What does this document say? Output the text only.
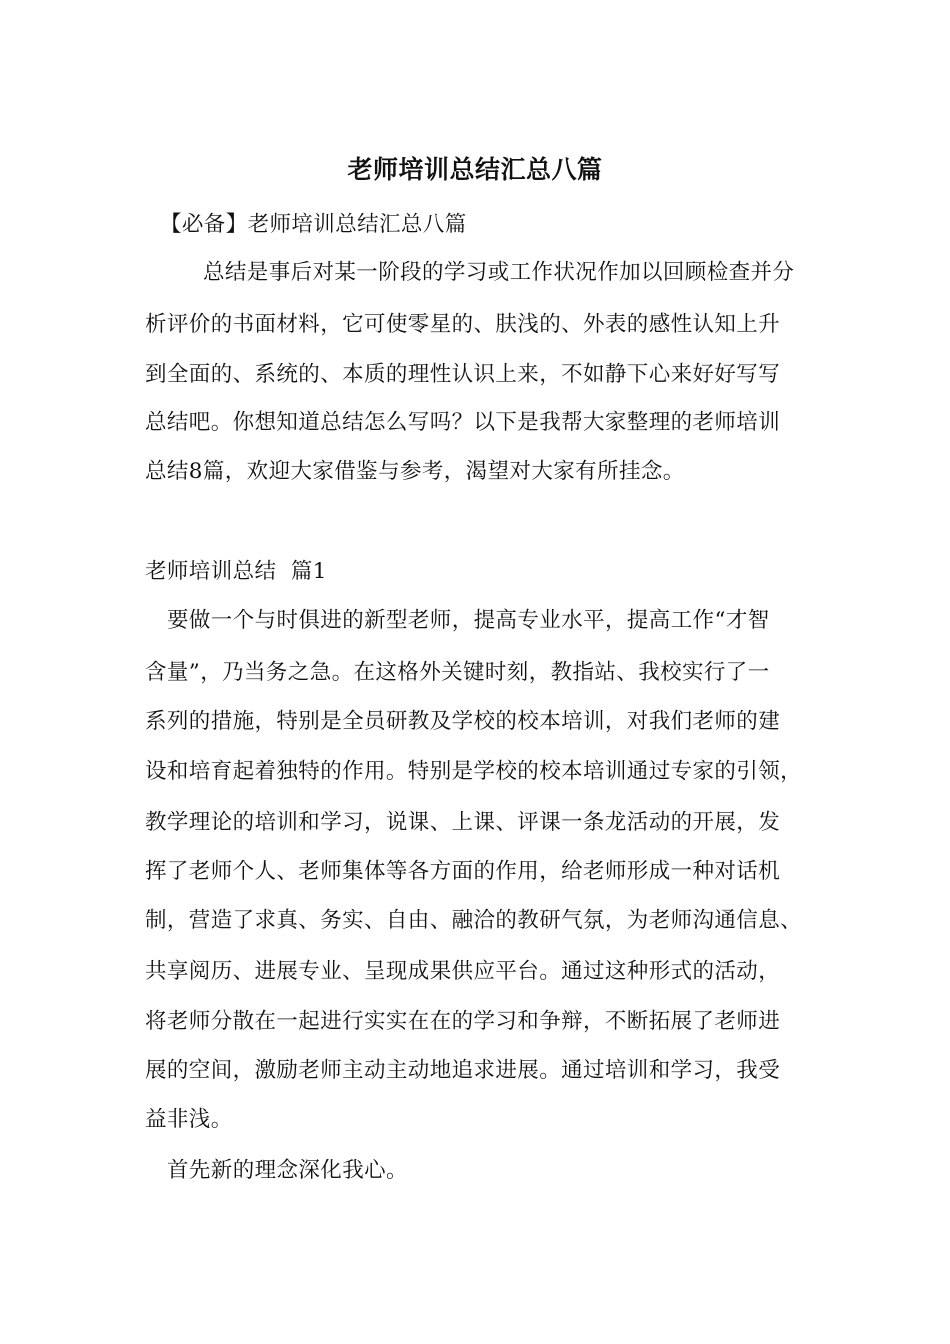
老师培训总结汇总八篇
【必备】老师培训总结汇总八篇
总结是事后对某一阶段的学习或工作状况作加以回顾检查并分
析评价的书面材料，它可使零星的、肤浅的、外表的感性认知上升
到全面的、系统的、本质的理性认识上来，不如静下心来好好写写
总结吧。你想知道总结怎么写吗？以下是我帮大家整理的老师培训
总结8篇，欢迎大家借鉴与参考，渴望对大家有所挂念。
老师培训总结  篇1
要做一个与时俱进的新型老师，提高专业水平，提高工作“才智
含量”，乃当务之急。在这格外关键时刻，教指站、我校实行了一
系列的措施，特别是全员研教及学校的校本培训，对我们老师的建
设和培育起着独特的作用。特别是学校的校本培训通过专家的引领，
教学理论的培训和学习，说课、上课、评课一条龙活动的开展，发
挥了老师个人、老师集体等各方面的作用，给老师形成一种对话机
制，营造了求真、务实、自由、融洽的教研气氛，为老师沟通信息、
共享阅历、进展专业、呈现成果供应平台。通过这种形式的活动，
将老师分散在一起进行实实在在的学习和争辩，不断拓展了老师进
展的空间，激励老师主动主动地追求进展。通过培训和学习，我受
益非浅。
首先新的理念深化我心。
